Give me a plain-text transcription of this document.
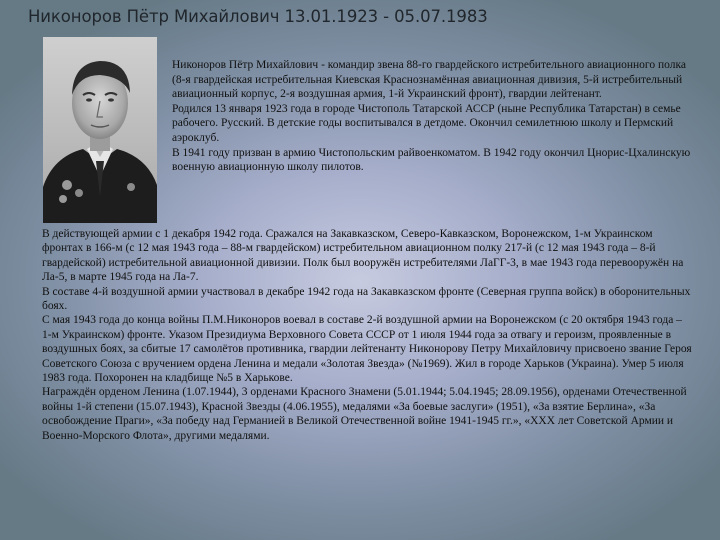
Никоноров Пётр Михайлович 13.01.1923 - 05.07.1983

Никоноров Пётр Михайлович - командир звена 88-го гвардейского истребительного авиационного полка (8-я гвардейская истребительная Киевская Краснознамённая авиационная дивизия, 5-й истребительный авиационный корпус, 2-я воздушная армия, 1-й Украинский фронт), гвардии лейтенант.

Родился 13 января 1923 года в городе Чистополь Татарской АССР (ныне Республика Татарстан) в семье рабочего. Русский. В детские годы воспитывался в детдоме. Окончил семилетнюю школу и Пермский аэроклуб.

В 1941 году призван в армию Чистопольским райвоенкоматом. В 1942 году окончил Цнорис-Цхалинскую военную авиационную школу пилотов.

В действующей армии с 1 декабря 1942 года. Сражался на Закавказском, Северо-Кавказском, Воронежском, 1-м Украинском фронтах в 166-м (с 12 мая 1943 года – 88-м гвардейском) истребительном авиационном полку 217-й (с 12 мая 1943 года – 8-й гвардейской) истребительной авиационной дивизии. Полк был вооружён истребителями ЛаГГ-3, в мае 1943 года перевооружён на Ла-5, в марте 1945 года на Ла-7.

В составе 4-й воздушной армии участвовал в декабре 1942 года на Закавказском фронте (Северная группа войск) в оборонительных боях.

С мая 1943 года до конца войны П.М.Никоноров воевал в составе 2-й воздушной армии на Воронежском (с 20 октября 1943 года – 1-м Украинском) фронте. Указом Президиума Верховного Совета СССР от 1 июля 1944 года за отвагу и героизм, проявленные в воздушных боях, за сбитые 17 самолётов противника, гвардии лейтенанту Никонорову Петру Михайловичу присвоено звание Героя Советского Союза с вручением ордена Ленина и медали «Золотая Звезда» (№1969). Жил в городе Харьков (Украина). Умер 5 июля 1983 года. Похоронен на кладбище №5 в Харькове.

Награждён орденом Ленина (1.07.1944), 3 орденами Красного Знамени (5.01.1944; 5.04.1945; 28.09.1956), орденами Отечественной войны 1-й степени (15.07.1943), Красной Звезды (4.06.1955), медалями «За боевые заслуги» (1951), «За взятие Берлина», «За освобождение Праги», «За победу над Германией в Великой Отечественной войне 1941-1945 гг.», «XXX лет Советской Армии и Военно-Морского Флота», другими медалями.
